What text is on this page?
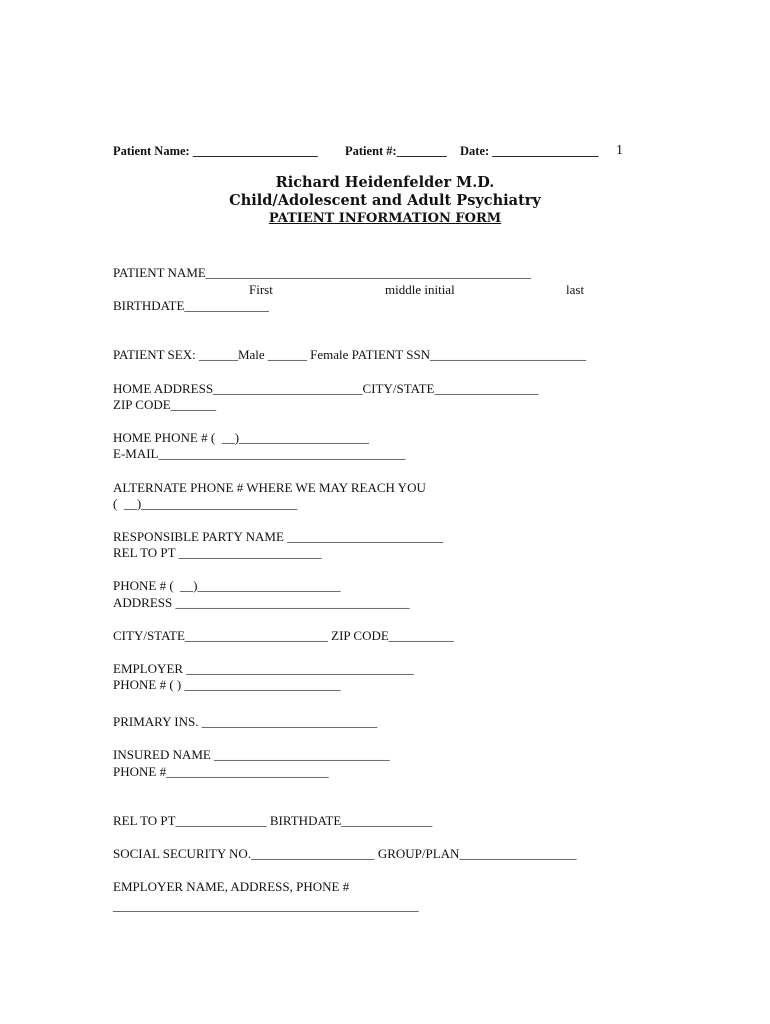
Patient Name: ____________________ Patient #:________ Date: _________________ 1
Richard Heidenfelder M.D.
Child/Adolescent and Adult Psychiatry
PATIENT INFORMATION FORM
PATIENT NAME__________________________________________________
First	middle initial	last
BIRTHDATE_____________
PATIENT SEX: ______Male ______ Female PATIENT SSN________________________
HOME ADDRESS_______________________CITY/STATE________________
ZIP CODE_______
HOME PHONE # (  __)____________________
E-MAIL______________________________________
ALTERNATE PHONE # WHERE WE MAY REACH YOU
(  __)________________________
RESPONSIBLE PARTY NAME ________________________
REL TO PT ______________________
PHONE # (  __)______________________
ADDRESS ____________________________________
CITY/STATE______________________ ZIP CODE__________
EMPLOYER ___________________________________
PHONE # ( ) ________________________
PRIMARY INS. ___________________________
INSURED NAME ___________________________
PHONE #_________________________
REL TO PT______________ BIRTHDATE______________
SOCIAL SECURITY NO.___________________ GROUP/PLAN__________________
EMPLOYER NAME, ADDRESS, PHONE #
_______________________________________________
